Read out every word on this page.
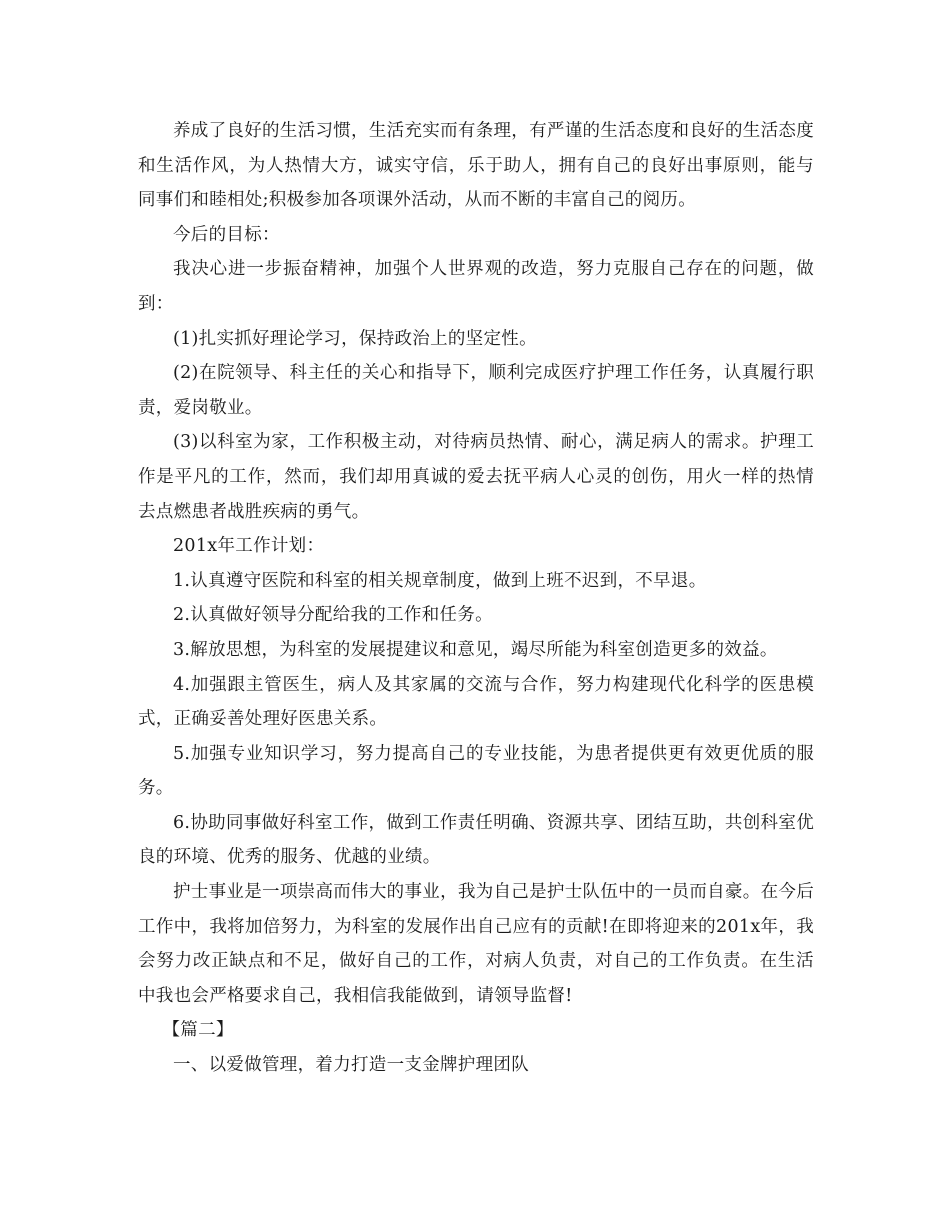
养成了良好的生活习惯，生活充实而有条理，有严谨的生活态度和良好的生活态度和生活作风，为人热情大方，诚实守信，乐于助人，拥有自己的良好出事原则，能与同事们和睦相处;积极参加各项课外活动，从而不断的丰富自己的阅历。

今后的目标：

我决心进一步振奋精神，加强个人世界观的改造，努力克服自己存在的问题，做到：

(1)扎实抓好理论学习，保持政治上的坚定性。

(2)在院领导、科主任的关心和指导下，顺利完成医疗护理工作任务，认真履行职责，爱岗敬业。

(3)以科室为家，工作积极主动，对待病员热情、耐心，满足病人的需求。护理工作是平凡的工作，然而，我们却用真诚的爱去抚平病人心灵的创伤，用火一样的热情去点燃患者战胜疾病的勇气。

201x年工作计划：

1.认真遵守医院和科室的相关规章制度，做到上班不迟到，不早退。

2.认真做好领导分配给我的工作和任务。

3.解放思想，为科室的发展提建议和意见，竭尽所能为科室创造更多的效益。

4.加强跟主管医生，病人及其家属的交流与合作，努力构建现代化科学的医患模式，正确妥善处理好医患关系。

5.加强专业知识学习，努力提高自己的专业技能，为患者提供更有效更优质的服务。

6.协助同事做好科室工作，做到工作责任明确、资源共享、团结互助，共创科室优良的环境、优秀的服务、优越的业绩。

护士事业是一项崇高而伟大的事业，我为自己是护士队伍中的一员而自豪。在今后工作中，我将加倍努力，为科室的发展作出自己应有的贡献!在即将迎来的201x年，我会努力改正缺点和不足，做好自己的工作，对病人负责，对自己的工作负责。在生活中我也会严格要求自己，我相信我能做到，请领导监督!

【篇二】

一、以爱做管理，着力打造一支金牌护理团队
